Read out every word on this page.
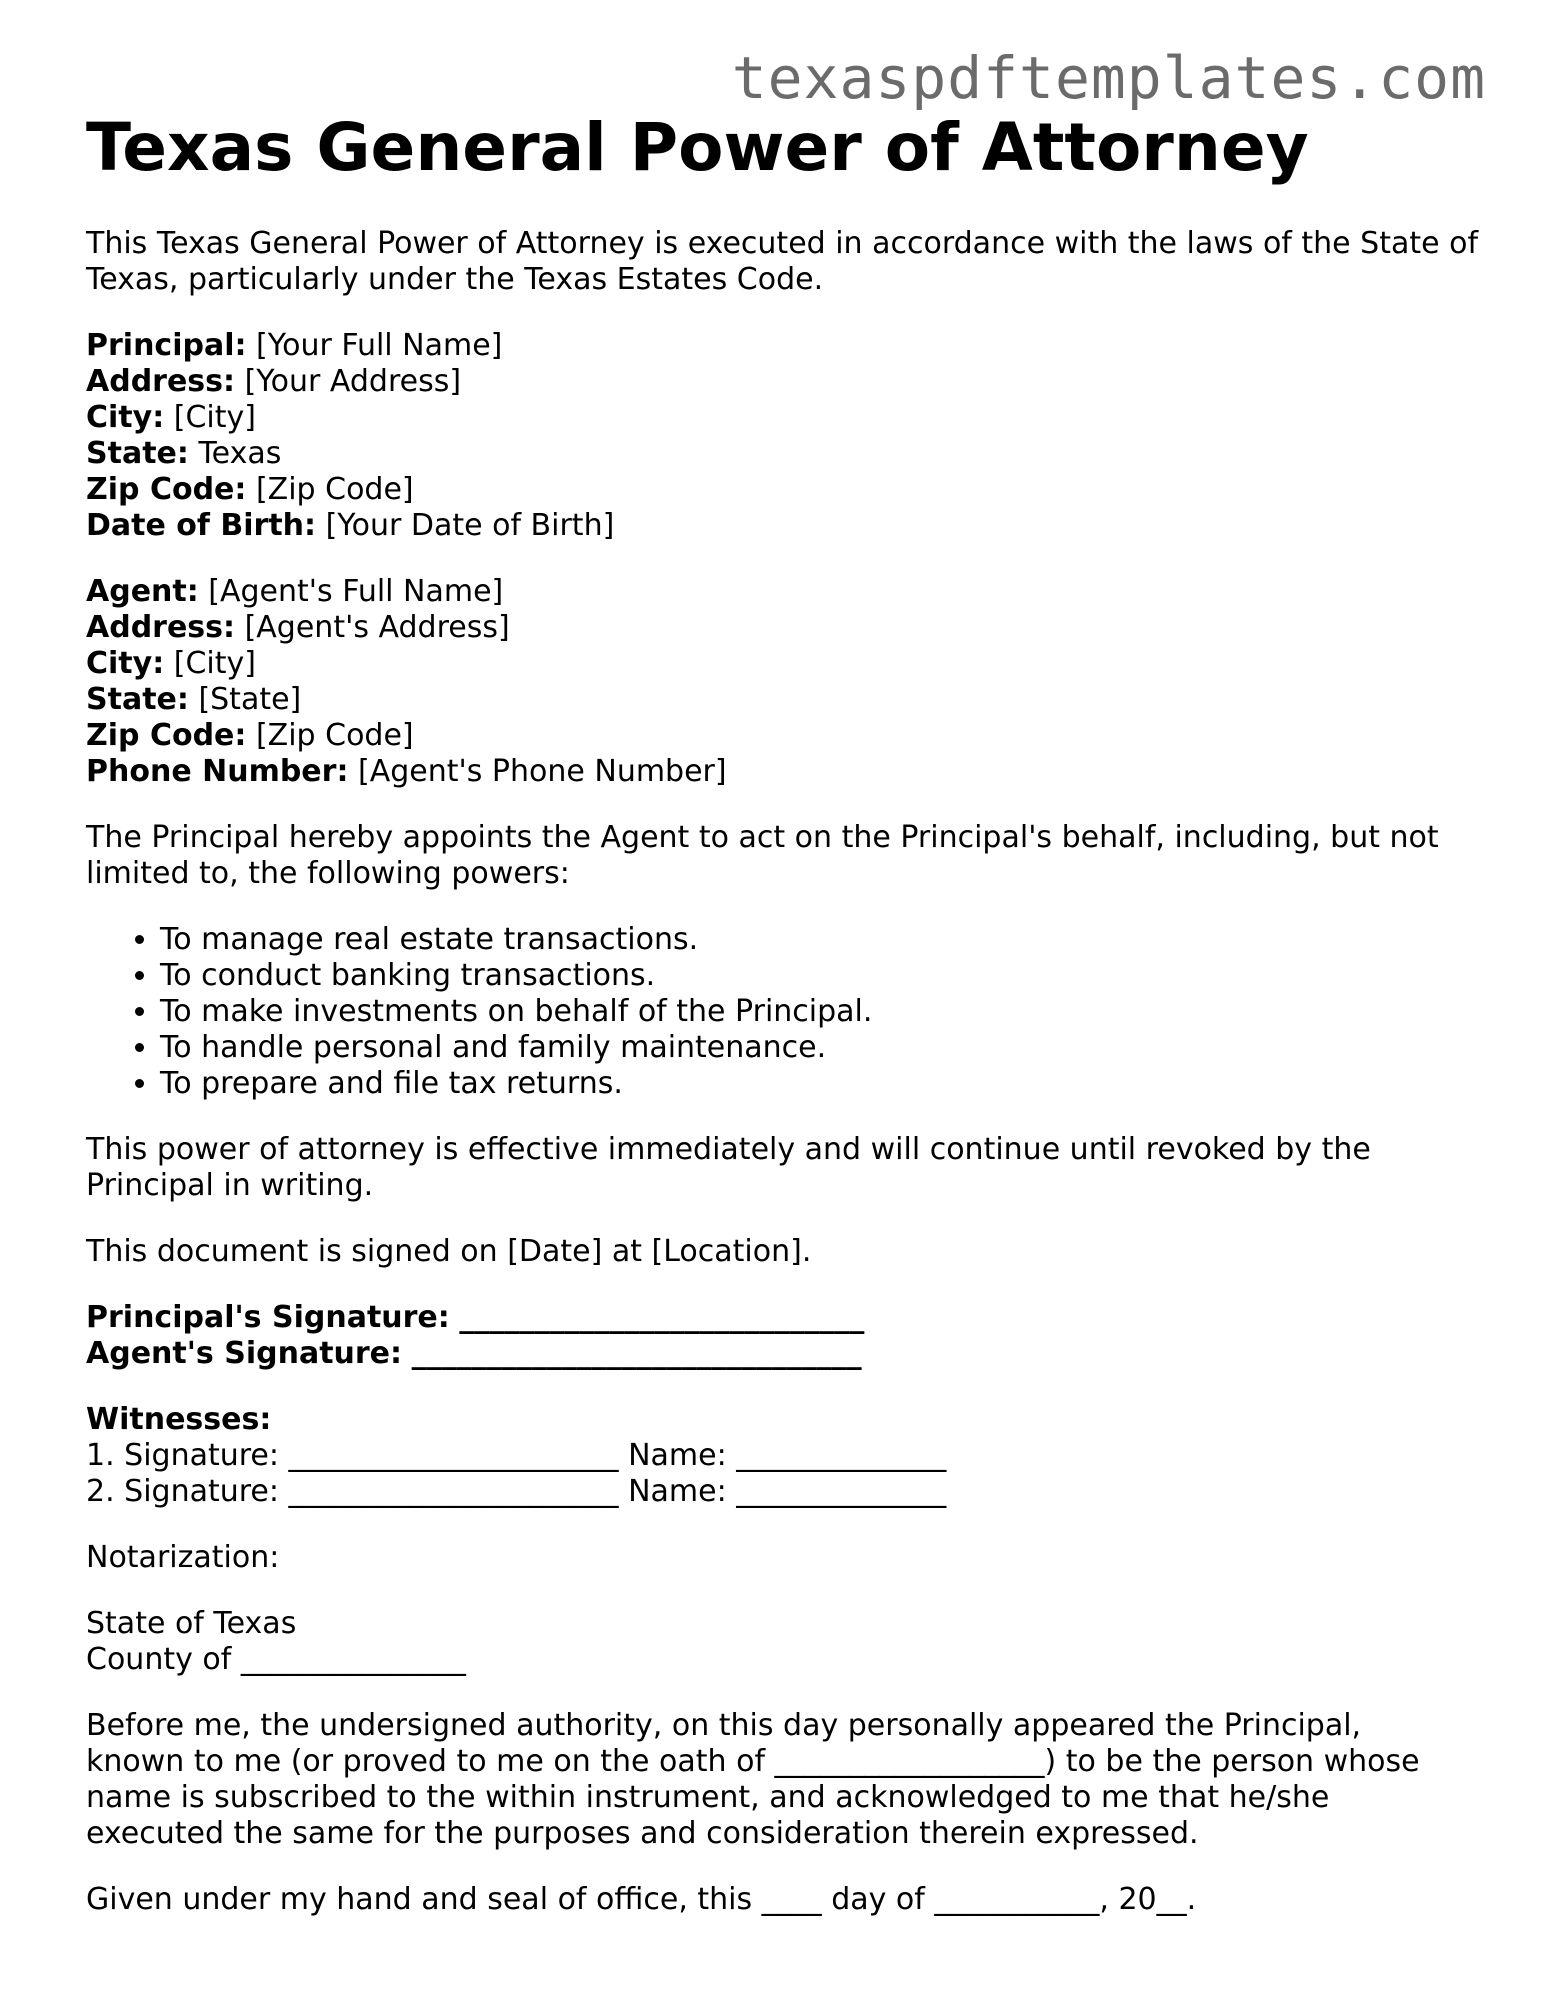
texaspdftemplates.com
Texas General Power of Attorney

This Texas General Power of Attorney is executed in accordance with the laws of the State of Texas, particularly under the Texas Estates Code.

Principal: [Your Full Name]
Address: [Your Address]
City: [City]
State: Texas
Zip Code: [Zip Code]
Date of Birth: [Your Date of Birth]
Agent: [Agent's Full Name]
Address: [Agent's Address]
City: [City]
State: [State]
Zip Code: [Zip Code]
Phone Number: [Agent's Phone Number]

The Principal hereby appoints the Agent to act on the Principal's behalf, including, but not limited to, the following powers:

• To manage real estate transactions.
• To conduct banking transactions.
• To make investments on behalf of the Principal.
• To handle personal and family maintenance.
• To prepare and file tax returns.

This power of attorney is effective immediately and will continue until revoked by the Principal in writing.

This document is signed on [Date] at [Location].

Principal's Signature: ___________________________
Agent's Signature: ______________________________
Witnesses:
1. Signature: ______________________ Name: ______________
2. Signature: ______________________ Name: ______________

Notarization:

State of Texas
County of _______________
Before me, the undersigned authority, on this day personally appeared the Principal,
known to me (or proved to me on the oath of __________________) to be the person whose
name is subscribed to the within instrument, and acknowledged to me that he/she
executed the same for the purposes and consideration therein expressed.

Given under my hand and seal of office, this ____ day of ___________, 20__.
